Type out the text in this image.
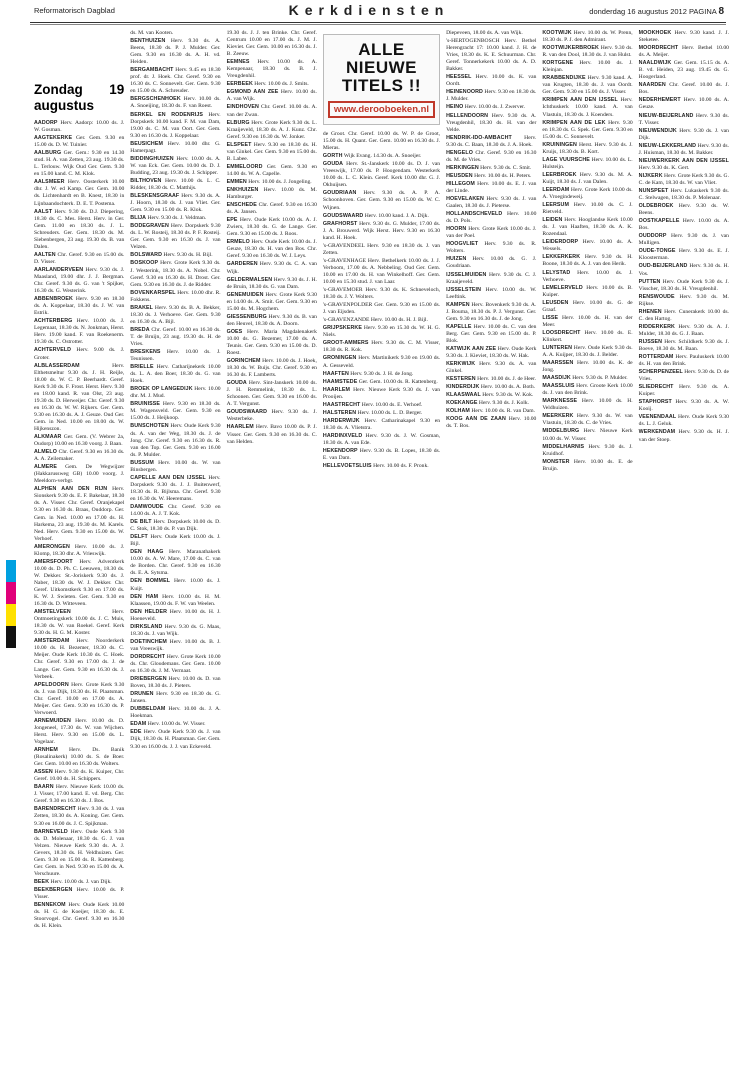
Reformatorisch Dagblad	Kerkdiensten	donderdag 16 augustus 2012 PAGINA 8
Zondag 19 augustus

AADORP Herv. Aadorp: 10.00 ds. J. W. Gosman.

AAGTEKERKE Ger. Gem. 9.30 en 15.00 ds. D. W. Tuinier.

AALBURG Ger. Gem.: 9.30 en 14.30 stud. H. A. van Zetten, 23 aug. 19.30 ds. L. Terlouw. Wijk Oud Ger. Gem. 9.30 en 15.00 kand. C. M. Klok.

AALSMEER Herv. Oosterkerk 10.00 dhr. J. W. ed Kamp. Ger. Gem. 10.00 ds. Lichtenhardt en B. Knest, 18.30 in Lijnbaandochterk. D. E. T. Postema.

AALST Herv. 9.30 ds. D.J. Diepering, 18.30 ds. C. Mes. Herst. Herv. in Ger. Gem. 11.00 en 18.30 ds. J. L. Schreuders. Ger. Gem. 18.30 ds. M. Siebenbergen, 23 aug. 19.30 ds. B. van Dalen.

AALTEN Chr. Geref. 9.30 en 15.00 ds. D. Visser.

AARLANDERVEEN Herv. 9.30 ds. J. Maasland, 19.00 dhr. J. J. Bergman. Chr. Geref. 9.30 ds. G. van 't Spijker, 16.30 ds. G. Westerink.

ABBENBROEK Herv. 9.30 en 18.30 ds. A. Koppelaar, 18.30 ds. J. W. van Estrik.

ACHTERBERG Herv. 10.00 ds. J. Legemaat, 18.30 ds. N. Jonkman, Herst. Herv. 19.00 kand. F. van Roekenerm. 19.30 ds. C. Ostrotter.

ACHTERVELD Herv. 9.00 ds. J. Groter.

ALBLASSERDAM Herv. Elthetsmeltur 9.30 ds. J. H. Reijle, 18.00 ds. W. C. P. Beerhardt. Geref. Kerk 9.30 ds. F. Frost. Herst. Herv. 9.30 en 18.00 kand. R. van Olst, 23 aug. 19.30 ds. D. Herweijer. Chr. Geref. 9.30 en 16.30 ds. W. W. Rijkers. Ger. Gem. 9.30 en 16.30 ds. A. J. Geuze. Oud Ger. Gem. in Ned. 10.00 en 18.00 ds. W. Hijkenszon.

ALKMAAR Ger. Gem. (V. Webrer 2a, Oudorp) 10.00 en 16.30 voorg. J. Baan.

ALMELO Chr. Geref. 9.30 en 16.30 ds. A. A. Zeilemaker.

ALMERE Gem. De Wegwijzer (Hakkarussweg GB) 10.00 voorg. J. Meeldorn-verbgt.

ALPHEN AAN DEN RIJN Herv. Sionskerk 9.30 ds. E. F. Bakelaar, 18.30 ds. A. Visser. Chr. Geref. Oranjekapel 9.30 en 16.30 ds. Braas, Ouddorp. Ger. Gem. in Ned. 10.00 en 17.00 ds. H. Harkema, 23 aug. 19.30 ds. M. Karels. Ned. Herv. Gem. 9.30 en 15.00 ds. W. Verhoef.

AMERONGEN Herv. 10.00 ds. J. Klomp, 18.30 dhr. A. Vrieswijk.

AMERSFOORT Herv. Adventkerk 10.00 ds. D. Ph. C. Leeuwen, 18.30 ds. W. Dekker. St.-Joriskerk 9.30 ds. J. Naber, 18.30 ds. W. J. Dekker. Chr. Geref. Uitkomstkerk 9.30 en 17.00 ds. K. W. J. Swieten. Ger. Gem. 9.30 en 16.30 ds. D. Witteveen.

AMSTELVEEN Herv. Ontmoetingskerk 10.00 ds. J. C. Muis, 18.30 ds. W. van Roekel. Geref. Kerk 9.30 ds. H. G. M. Koster.

AMSTERDAM Herv. Noorderkerk 10.00 ds. H. Bezemer, 18.30 ds. C. Meijer. Oude Kerk 10.30 ds. C. Hoek. Chr. Geref. 9.30 en 17.00 ds. J. de Lange. Ger. Gem. 9.30 en 16.30 ds. J. Verbeek.

APELDOORN Herv. Grote Kerk 9.30 ds. J. van Dijk, 18.30 ds. H. Plaatsman. Chr. Geref. 10.00 en 17.00 ds. A. Meijer. Ger. Gem. 9.30 en 16.30 ds. P. Verwoerd.

ARNEMUIDEN Herv. 10.00 ds. D. Jongeneel, 17.30 ds. W. van Wijchen. Herst. Herv. 9.30 en 15.00 ds. L. Vogelaar.

ARNHEM Herv. Ds. Banik (Rosalinakerk) 10.00 ds. S. de Boer. Ger. Gem. 10.00 en 16.30 ds. Wolters.

ASSEN Herv. 9.30 ds. K. Kuiper, Chr. Geref. 10.00 ds. H. Schippers.

BAARN Herv. Nieuwe Kerk 10.00 ds. J. Visser, 17.00 kand. E. vd. Berg. Chr. Geref. 9.30 en 16.30 ds. J. Bos.

BARENDRECHT Herv. 9.30 ds. J. van Zetten, 18.30 ds. A. Koning. Ger. Gem. 9.30 en 16.00 ds. J. C. Spijkman.

BARNEVELD Herv. Oude Kerk 9.30 ds. D. Molenaar, 18.30 ds. G. J. van Velzen. Nieuwe Kerk 9.30 ds. A. J. Gevers, 18.30 ds. H. Veldhuizen. Ger. Gem. 9.30 en 15.00 ds. R. Kattenberg. Ger. Gem. in Ned. 9.30 en 15.00 ds. A. Verschuure.

BEEK Herv. 10.00 ds. J. van Dijk.

BEEKBERGEN Herv. 10.00 ds. P. Visser.

BENNEKOM Herv. Oude Kerk 10.00 ds. H. G. de Koeijer, 18.30 ds. E. Stoorvogel. Chr. Geref. 9.30 en 16.30 ds. H. Klein.

ds. M. van Kooten.

BENTHUIZEN Herv. 9.30 ds. A. Beens, 18.30 ds. P. J. Mulder. Ger. Gem. 9.30 en 16.30 ds. A. H. vd. Heiden.

BERGAMBACHT Herv. 9.45 en 18.30 prof. dr. J. Hoek. Chr. Geref. 9.30 en 16.30 ds. C. Sonnevelt. Ger. Gem. 9.30 en 15.00 ds. A. Schreuder.

BERGSCHENHOEK Herv. 10.00 ds. A. Snoeijing, 18.30 ds. F. van Roest.

BERKEL EN RODENRIJS Herv. Dorpskerk 10.00 kand. F. M. van Dam, 19.00 ds. C. M. van Oort. Ger. Gem. 9.30 en 16.30 ds. J. Koppelaar.

BEUSICHEM Herv. 10.00 dhr. G. Hamerpagt.

BIDDINGHUIZEN Herv. 10.00 ds. A. W. van Eck. Ger. Gem. 10.00 ds. D. J. Budding, 23 aug. 19.30 ds. J. Schipper.

BILTHOVEN Herv. 10.00 ds. L. C. Ridder, 18.30 ds. C. Matthijs.

BLESKENSGRAAF Herv. 9.30 ds. A. J. Hoorn, 18.30 ds. J. van Vliet. Ger. Gem. 9.30 en 15.00 ds. R. Klok.

BLIJA Herv. 9.30 ds. J. Veldman.

BODEGRAVEN Herv. Dorpskerk 9.30 ds. L. W. Rosteij, 18.30 ds. P. F. Rosteij. Ger. Gem. 9.30 en 16.30 ds. J. van Velzen.

BOLSWARD Herv. 9.30 ds. H. Bijl.

BOSKOOP Herv. Grote Kerk 9.30 ds. J. Westerink, 18.30 ds. A. Nobel. Chr. Geref. 9.30 en 16.30 ds. H. Drost. Ger. Gem. 9.30 en 16.30 ds. J. de Ridder.

BOVENKARSPEL Herv. 10.00 dhr. R. Fokkens.

BRAKEL Herv. 9.30 ds. B. A. Bekker, 18.30 ds. J. Verhoeve. Ger. Gem. 9.30 en 16.30 ds. A. Bijl.

BREDA Chr. Geref. 10.00 en 16.30 ds. T. de Bruijn, 23 aug. 19.30 ds. H. de Vries.

BRESKENS Herv. 10.00 ds. J. Teunissen.

BRIELLE Herv. Catharijnekerk 10.00 ds. L. A. den Boer, 18.30 ds. G. van Hoek.

BROEK OP LANGEDIJK Herv. 10.00 dhr. M. J. Mud.

BRUINISSE Herv. 9.30 en 18.30 ds. M. Wagensveld. Ger. Gem. 9.30 en 15.00 ds. J. Heijkoop.

BUNSCHOTEN Herv. Oude Kerk 9.30 ds. A. van der Weg, 18.30 ds. J. de Jong. Chr. Geref. 9.30 en 16.30 ds. R. van den Top. Ger. Gem. 9.30 en 16.00 ds. P. Mulder.

BUSSUM Herv. 10.00 ds. W. van Binsbergen.

CAPELLE AAN DEN IJSSEL Herv. Dorpskerk 9.30 ds. J. J. Buitenwerf, 18.30 ds. R. Bijlsma. Chr. Geref. 9.30 en 16.30 ds. W. Heeremans.

DAMWOUDE Chr. Geref. 9.30 en 14.00 ds. A. J. T. Kok.

DE BILT Herv. Dorpskerk 10.00 ds. D. C. Stok, 18.30 ds. P. van Dijk.

DELFT Herv. Oude Kerk 10.00 ds. J. Bijl.

DEN HAAG Herv. Maranathakerk 10.00 ds. A. W. Mare, 17.00 ds. C. van de Borden. Chr. Geref. 9.30 en 16.30 ds. E. A. Sytsma.

DEN BOMMEL Herv. 10.00 ds. J. Kuijt.

DEN HAM Herv. 10.00 ds. H. M. Klaassen, 19.00 ds. F. W. van Weelen.

DEN HELDER Herv. 10.00 ds. H. J. Hoeneveld.

DIRKSLAND Herv. 9.30 ds. G. Maas, 18.30 ds. J. van Wijk.

DOETINCHEM Herv. 10.00 ds. B. J. van Vreeswijk.

DORDRECHT Herv. Grote Kerk 10.00 ds. Chr. Gloudemans. Ger. Gem. 10.00 en 16.30 ds. J. M. Vermaat.

DRIEBERGEN Herv. 10.00 ds. D. van Boven, 18.30 ds. J. Pieters.

DRUNEN Herv. 9.30 en 18.30 ds. G. Jansen.

DUBBELDAM Herv. 10.00 ds. J. A. Hoekman.

EDAM Herv. 10.00 ds. W. Visser.

EDE Herv. Oude Kerk 9.30 ds. J. van Dijk, 18.30 ds. H. Plaatsman. Ger. Gem. 9.30 en 16.00 ds. J. J. van Eckeveld.

19.30 ds. J. J. ten Brinke. Chr. Geref. Centrum 10.00 en 17.00 ds. J. M. J. Kieviet. Ger. Gem. 10.00 en 16.30 ds. J. B. Zeeuw.

EEMNES Herv. 10.00 ds. A. Kempenaar, 18.30 ds. B. J. Vreugdenhil.

EERBEEK Herv. 10.00 ds. J. Smits.

EGMOND AAN ZEE Herv. 10.00 ds. A. van Wijk.

EINDHOVEN Chr. Geref. 10.00 ds. A. van der Zwan.

ELBURG Herv. Grote Kerk 9.30 ds. L. Kraaijeveld, 18.30 ds. A. J. Kunz. Chr. Geref. 9.30 en 16.30 ds. W. Jonker.

ELSPEET Herv. 9.30 en 18.30 ds. H. van Ginkel. Ger. Gem. 9.30 en 15.00 ds. B. Labee.

EMMELOORD Ger. Gem. 9.30 en 14.00 ds. W. A. Capelle.

EMMEN Herv. 10.00 ds. J. Jongeling.

ENKHUIZEN Herv. 10.00 ds. M. Hamburger.

ENSCHEDE Chr. Geref. 9.30 en 16.30 ds. A. Jansen.

EPE Herv. Oude Kerk 10.00 ds. A. J. Zwiers, 18.30 ds. G. de Lange. Ger. Gem. 9.30 en 15.00 ds. J. Roos.

ERMELO Herv. Oude Kerk 10.00 ds. J. Geuze, 18.30 ds. H. van den Bos. Chr. Geref. 9.30 en 16.30 ds. W. J. Leys.

GARDEREN Herv. 9.30 ds. C. A. van Wijk.

GELDERMALSEN Herv. 9.30 ds. J. H. de Bruin, 18.30 ds. G. van Dam.

GENEMUIDEN Herv. Grote Kerk 9.30 en 14.00 ds. A. Smit. Ger. Gem. 9.30 en 15.00 ds. M. Hogchem.

GIESSENBURG Herv. 9.30 ds. B. van den Heuvel, 18.30 ds. A. Doorn.

GOES Herv. Maria Magdalenakerk 10.00 ds. G. Bezemer, 17.00 ds. A. Teunis. Ger. Gem. 9.30 en 15.00 ds. D. Roest.

GORINCHEM Herv. 10.00 ds. J. Hoek, 18.30 ds. W. Buijs. Chr. Geref. 9.30 en 16.30 ds. F. Lamberts.

GOUDA Herv. Sint-Janskerk 10.00 ds. J. H. Remmelink, 18.30 ds. L. Schoonen. Ger. Gem. 9.30 en 16.00 ds. A. T. Vergunst.

GOUDSWAARD Herv. 9.30 ds. J. Westerbeke.

HAARLEM Herv. Bavo 10.00 ds. P. J. Visser. Ger. Gem. 9.30 en 16.30 ds. C. van Helden.

ALLE NIEUWE TITELS !!
www.derooboeken.nl

de Groot. Chr. Geref. 10.00 ds. W. P. de Groot, 15.00 ds. H. Quant. Ger. Gem. 10.00 en 16.30 ds. J. Mieras.

GORTH Wijk Evang. 14.30 ds. A. Snoeijer.

GOUDA Herv. St.-Janskerk 10.00 ds. D. J. van Vreeswijk, 17.00 ds. P. Hoogendam. Westerkerk 10.00 ds. L. C. Klein. Geref. Kerk 10.00 dhr. G. J. Okhuijsen.

GOUDRIAAN Herv. 9.30 ds. A. P. A. Schoonhoven. Ger. Gem. 9.30 en 15.00 ds. W. C. Wijnen.

GOUDSWAARD Herv. 10.00 kand. J. A. Dijk.

GRAFHORST Herv. 9.30 ds. G. Mulder, 17.00 ds. J. A. Brouwerd. Wijk Herst. Herv. 9.30 en 16.30 kand. H. Hoek.

's-GRAVENDEEL Herv. 9.30 en 18.30 ds. J. van Zetten.

's-GRAVENHAGE Herv. Bethelkerk 10.00 ds. J. J. Verboom, 17.00 ds. A. Nebbeling. Oud Ger. Gem. 10.00 en 17.00 ds. H. van Winkelhoff. Ger. Gem. 10.00 en 15.30 stud. J. van Laar.

's-GRAVEMOER Herv. 9.30 ds. K. Schneveloch, 18.30 ds. J. Y. Wolters.

's-GRAVENPOLDER Ger. Gem. 9.30 en 15.00 ds. J. van Eijsden.

's-GRAVENZANDE Herv. 10.00 ds. H. J. Bijl.

GRIJPSKERKE Herv. 9.30 en 15.30 ds. W. H. G. Niels.

GROOT-AMMERS Herv. 9.30 ds. C. M. Visser, 18.30 ds. R. Kok.

GRONINGEN Herv. Martinikerk 9.30 en 19.00 ds. A. Gesseveld.

HAAFTEN Herv. 9.30 ds. J. H. de Jong.

HAAMSTEDE Ger. Gem. 10.00 ds. R. Kattenberg.

HAARLEM Herv. Nieuwe Kerk 9.30 ds. J. van Prooijen.

HAASTRECHT Herv. 10.00 ds. E. Verhoef.

HALSTEREN Herv. 10.00 ds. L. D. Berger.

HARDERWIJK Herv. Catharinakapel 9.30 en 18.30 ds. A. Vlietstra.

HARDINXVELD Herv. 9.30 ds. J. W. Gosman, 18.30 ds. A. van Ede.

HEKENDORP Herv. 9.30 ds. B. Lopes, 18.30 ds. E. van Dam.

HELLEVOETSLUIS Herv. 10.00 ds. F. Pronk.

Diepeveen, 18.00 ds. A. van Wijk.

's-HERTOGENBOSCH Herv. Bethel Herengracht 17: 10.00 kand. J. H. de Vries, 18.30 ds. K. E. Schuurman. Chr. Geref. Tonnerkekerk 10.00 ds. A. D. Bakker.

HEESSEL Herv. 10.00 ds. K. van Oordt.

HEINENOORD Herv. 9.30 en 18.30 ds. J. Mulder.

HEINO Herv. 10.00 ds. J. Zwerver.

HELLENDOORN Herv. 9.30 ds. A. Vreugdenhil, 18.30 ds. H. van der Velde.

HENDRIK-IDO-AMBACHT Herv. 9.30 ds. C. Baan, 18.30 ds. J. A. Hoek.

HENGELO Chr. Geref. 9.30 en 16.30 ds. M. de Vries.

HERKINGEN Herv. 9.30 ds. C. Smit.

HEUSDEN Herv. 10.00 ds. H. Peters.

HILLEGOM Herv. 10.00 ds. E. J. van der Linde.

HOEVELAKEN Herv. 9.30 ds. J. van Gaalen, 18.30 ds. J. Pieterse.

HOLLANDSCHEVELD Herv. 10.00 ds. D. Pols.

HOORN Herv. Grote Kerk 10.00 ds. J. van der Poel.

HOOGVLIET Herv. 9.30 ds. R. Wolters.

HUIZEN Herv. 10.00 ds. G. J. Goudriaan.

IJSSELMUIDEN Herv. 9.30 ds. C. J. Kraaijeveld.

IJSSELSTEIN Herv. 10.00 ds. W. Leeftink.

KAMPEN Herv. Bovenkerk 9.30 ds. A. J. Bouma, 18.30 ds. P. J. Vergunst. Ger. Gem. 9.30 en 16.30 ds. J. de Jong.

KAPELLE Herv. 10.00 ds. C. van den Berg. Ger. Gem. 9.30 en 15.00 ds. P. Blok.

KATWIJK AAN ZEE Herv. Oude Kerk 9.30 ds. J. Kieviet, 18.30 ds. W. Hak.

KERKWIJK Herv. 9.30 ds. A. van Ginkel.

KESTEREN Herv. 10.00 ds. J. de Heer.

KINDERDIJK Herv. 10.00 ds. A. Both.

KLAASWAAL Herv. 9.30 ds. W. Kok.

KOEKANGE Herv. 9.30 ds. J. Kolk.

KOLHAM Herv. 10.00 ds. R. van Dam.

KOOG AAN DE ZAAN Herv. 10.00 ds. T. Bos.

KOOTWIJK Herv. 10.00 ds. W. Prenn, 18.30 ds. P. J. den Admirant.

KOOTWIJKERBROEK Herv. 9.30 ds. R. van den Dool, 18.30 ds. J. van Hulst.

KORTGENE Herv. 10.00 ds. J. Kleinjan.

KRABBENDIJKE Herv. 9.30 kand. A. van Krugten, 18.30 ds. J. van Oordt. Ger. Gem. 9.30 en 15.00 ds. J. Visser.

KRIMPEN AAN DEN IJSSEL Herv. Ichthuskerk 10.00 kand. A. van Vlastuin, 18.30 ds. J. Koenders.

KRIMPEN AAN DE LEK Herv. 9.30 en 18.30 ds. G. Spek. Ger. Gem. 9.30 en 15.00 ds. C. Sonnevelt.

KRUININGEN Herst. Herv. 9.30 ds. J. Kruijs, 18.30 ds. B. Kort.

LAGE VUURSCHE Herv. 10.00 ds. L. Hulsteijn.

LEERBROEK Herv. 9.30 ds. M. A. Kuijt, 18.30 ds. J. van Dalen.

LEERDAM Herv. Grote Kerk 10.00 ds. A. Vroegindeweij.

LEERSUM Herv. 10.00 ds. C. J. Rietveld.

LEIDEN Herv. Hooglandse Kerk 10.00 ds. J. van Haaften, 18.30 ds. A. K. Rozendaal.

LEIDERDORP Herv. 10.00 ds. A. Wessels.

LEKKERKERK Herv. 9.30 ds. H. Boone, 18.30 ds. A. J. van den Herik.

LELYSTAD Herv. 10.00 ds. J. Verhoeve.

LEMELERVELD Herv. 10.00 ds. B. Kuiper.

LEUSDEN Herv. 10.00 ds. G. de Graaf.

LISSE Herv. 10.00 ds. H. van der Meer.

LOOSDRECHT Herv. 10.00 ds. E. Klinkert.

LUNTEREN Herv. Oude Kerk 9.30 ds. A. A. Kuijper, 18.30 ds. J. Belder.

MAARSSEN Herv. 10.00 ds. K. de Jong.

MAASDIJK Herv. 9.30 ds. P. Mulder.

MAASSLUIS Herv. Groote Kerk 10.00 ds. J. van den Brink.

MARKNESSE Herv. 10.00 ds. H. Veldhuizen.

MEERKERK Herv. 9.30 ds. W. van Vlastuin, 18.30 ds. C. de Vries.

MIDDELBURG Herv. Nieuwe Kerk 10.00 ds. W. Visser.

MIDDELHARNIS Herv. 9.30 ds. J. Kruidhof.

MONSTER Herv. 10.00 ds. E. de Bruijn.

MOOKHOEK Herv. 9.30 kand. J. J. Steketee.

MOORDRECHT Herv. Bethel 10.00 ds. A. Meijer.

NAALDWIJK Ger. Gem. 15.15 ds. A. B. vd. Heiden, 23 aug. 19.45 ds. G. Hoogerland.

NAARDEN Chr. Geref. 10.00 ds. J. Bos.

NEDERHEMERT Herv. 10.00 ds. A. Geuze.

NIEUW-BEIJERLAND Herv. 9.30 ds. T. Visser.

NIEUWENDIJK Herv. 9.30 ds. J. van Dijk.

NIEUW-LEKKERLAND Herv. 9.30 ds. J. Huisman, 18.30 ds. M. Bakker.

NIEUWERKERK AAN DEN IJSSEL Herv. 9.30 ds. K. Gert.

NIJKERK Herv. Grote Kerk 9.30 ds. G. C. de Kam, 18.30 ds. W. van Vliet.

NUNSPEET Herv. Lukaskerk 9.30 ds. C. Stelwagen, 18.30 ds. P. Molenaar.

OLDEBROEK Herv. 9.30 ds. W. Beens.

OOSTKAPELLE Herv. 10.00 ds. A. Bos.

OUDDORP Herv. 9.30 ds. J. van Mulligen.

OUDE-TONGE Herv. 9.30 ds. E. J. Kloosterman.

OUD-BEIJERLAND Herv. 9.30 ds. H. Vos.

PUTTEN Herv. Oude Kerk 9.30 ds. J. Visscher, 18.30 ds. H. Vreugdenhil.

RENSWOUDE Herv. 9.30 ds. M. Rijkse.

RHENEN Herv. Cunerakerk 10.00 ds. C. den Hartog.

RIDDERKERK Herv. 9.30 ds. A. J. Mulder, 18.30 ds. G. J. Baan.

RIJSSEN Herv. Schildkerk 9.30 ds. J. Boeve, 18.30 ds. M. Baan.

ROTTERDAM Herv. Pauluskerk 10.00 ds. H. van den Brink.

SCHERPENZEEL Herv. 9.30 ds. D. de Vries.

SLIEDRECHT Herv. 9.30 ds. A. Kuiper.

STAPHORST Herv. 9.30 ds. A. W. Kooij.

VEENENDAAL Herv. Oude Kerk 9.30 ds. L. J. Geluk.

WERKENDAM Herv. 9.30 ds. H. J. van der Stoep.
